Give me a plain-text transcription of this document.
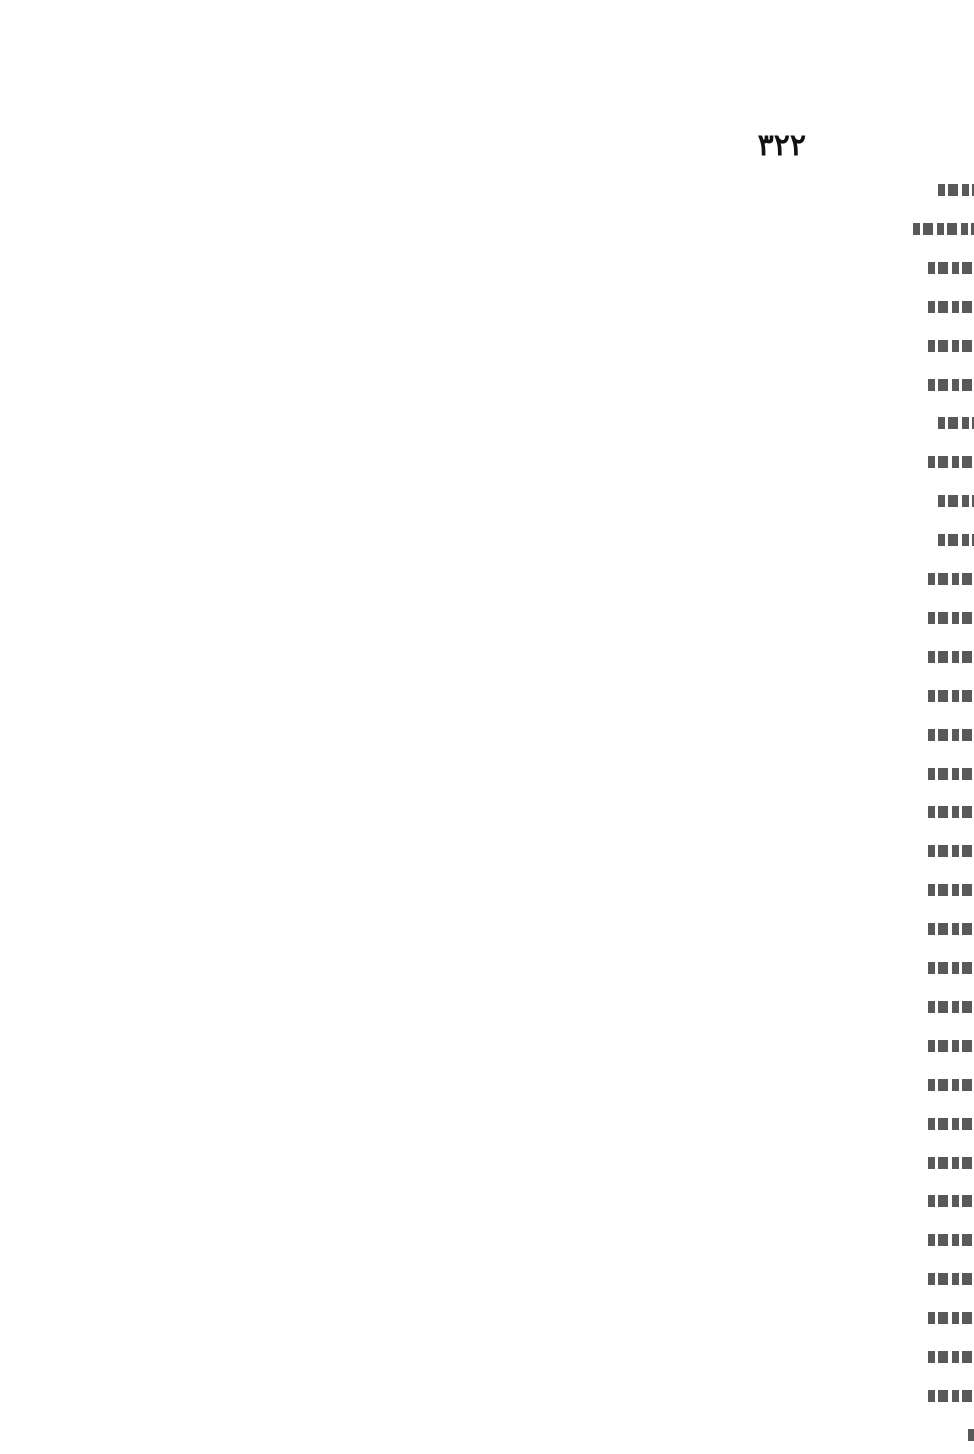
٣٢٢
